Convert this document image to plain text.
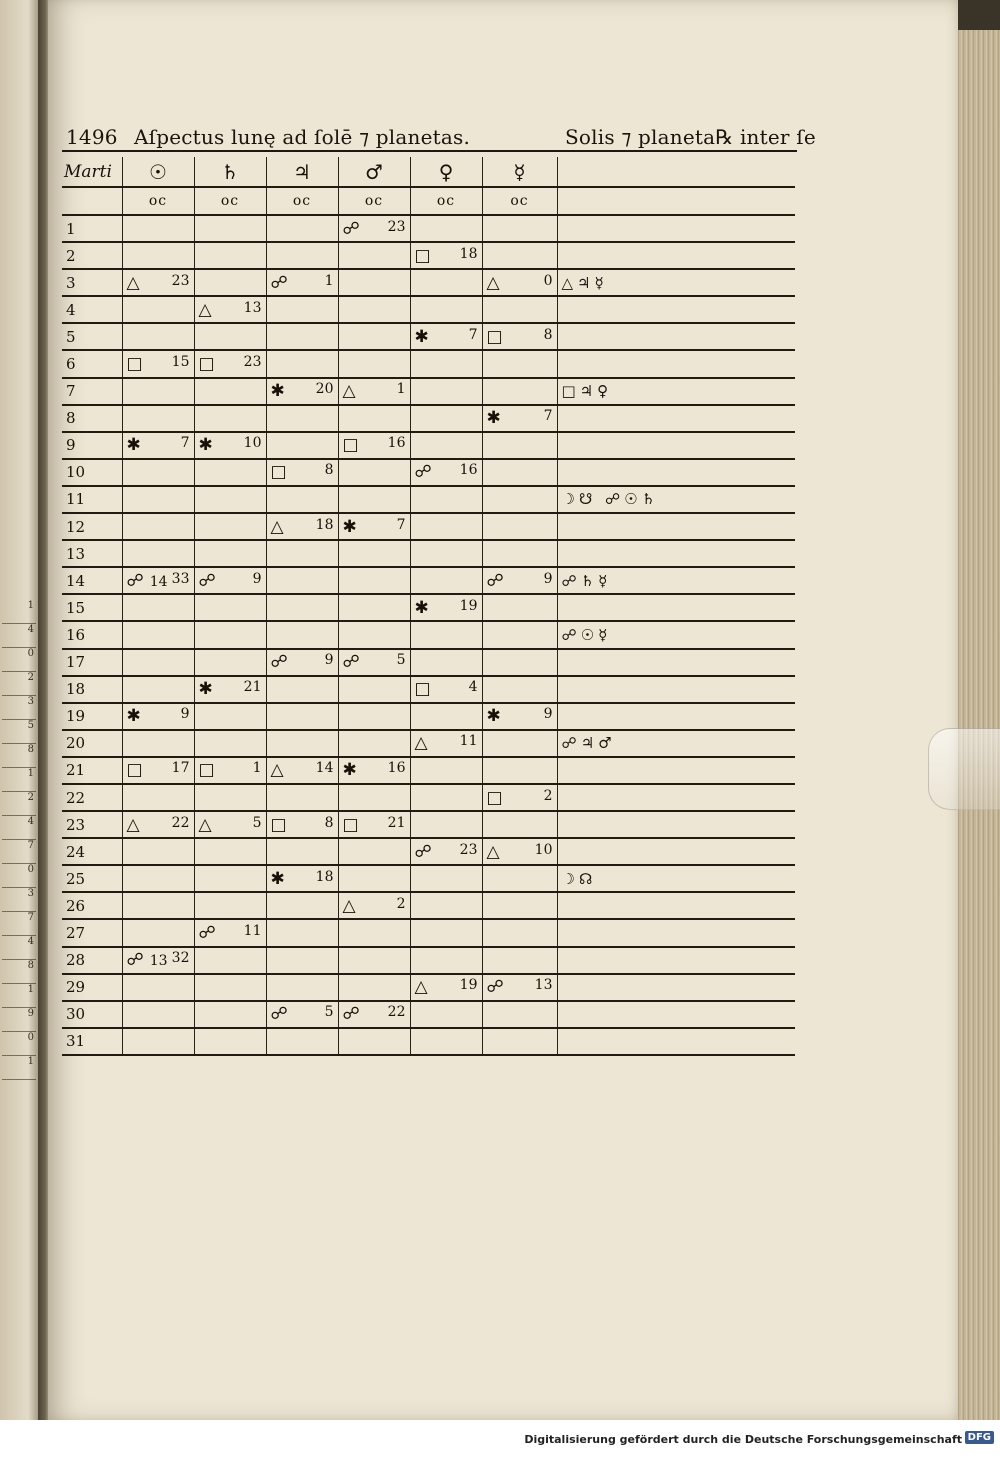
1
4
0
2
3
5
8
1
2
4
7
0
3
7
4
8
1
9
0
1
1496 Aſpectus lunę ad ſolē ⁊ planetas.	Solis ⁊ planeta℞ inter ſe
Marti	☉	♄	♃	♂	♀	☿	
	oc	oc	oc	oc	oc	oc	
1				☍ 23			

2					□ 18		

3	△ 23		☍ 1			△ 0	△♃☿
4		△ 13					

5					✱ 7	□ 8	

6	□ 15	□ 23					

7			✱ 20	△ 1			□♃♀
8						✱ 7	

9	✱ 7	✱ 10		□ 16			

10			□ 8		☍ 16		

11							☽☋ ☍☉♄
12			△ 18	✱ 7			

13							
14	☍ 14 33	☍ 9				☍ 9	☍♄☿
15					✱ 19		

16							☍☉☿
17			☍ 9	☍ 5			

18		✱ 21			□ 4		

19	✱ 9					✱ 9	

20					△ 11		☍♃♂
21	□ 17	□ 1	△ 14	✱ 16			

22						□ 2	

23	△ 22	△ 5	□ 8	□ 21			

24					☍ 23	△ 10	

25			✱ 18				☽☊
26				△ 2			

27		☍ 11					

28	☍ 13 32						

29					△ 19	☍ 13	

30			☍ 5	☍ 22			

31							
Digitalisierung gefördert durch die Deutsche Forschungsgemeinschaft DFG
